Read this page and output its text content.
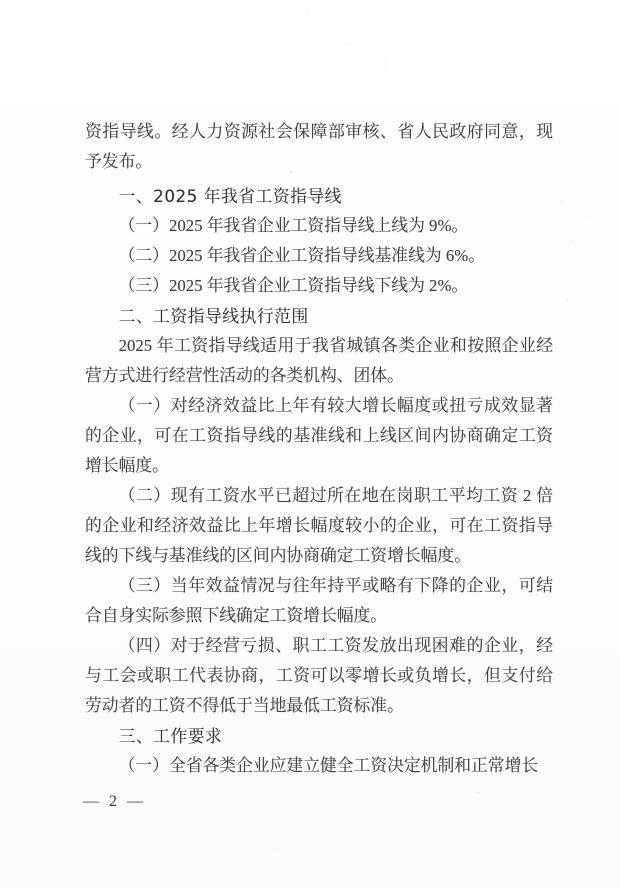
资指导线。经人力资源社会保障部审核、省人民政府同意，现予发布。

一、2025 年我省工资指导线

（一）2025 年我省企业工资指导线上线为 9%。

（二）2025 年我省企业工资指导线基准线为 6%。

（三）2025 年我省企业工资指导线下线为 2%。

二、工资指导线执行范围

2025 年工资指导线适用于我省城镇各类企业和按照企业经营方式进行经营性活动的各类机构、团体。

（一）对经济效益比上年有较大增长幅度或扭亏成效显著的企业，可在工资指导线的基准线和上线区间内协商确定工资增长幅度。

（二）现有工资水平已超过所在地在岗职工平均工资 2 倍的企业和经济效益比上年增长幅度较小的企业，可在工资指导线的下线与基准线的区间内协商确定工资增长幅度。

（三）当年效益情况与往年持平或略有下降的企业，可结合自身实际参照下线确定工资增长幅度。

（四）对于经营亏损、职工工资发放出现困难的企业，经与工会或职工代表协商，工资可以零增长或负增长，但支付给劳动者的工资不得低于当地最低工资标准。

三、工作要求

（一）全省各类企业应建立健全工资决定机制和正常增长

— 2 —
